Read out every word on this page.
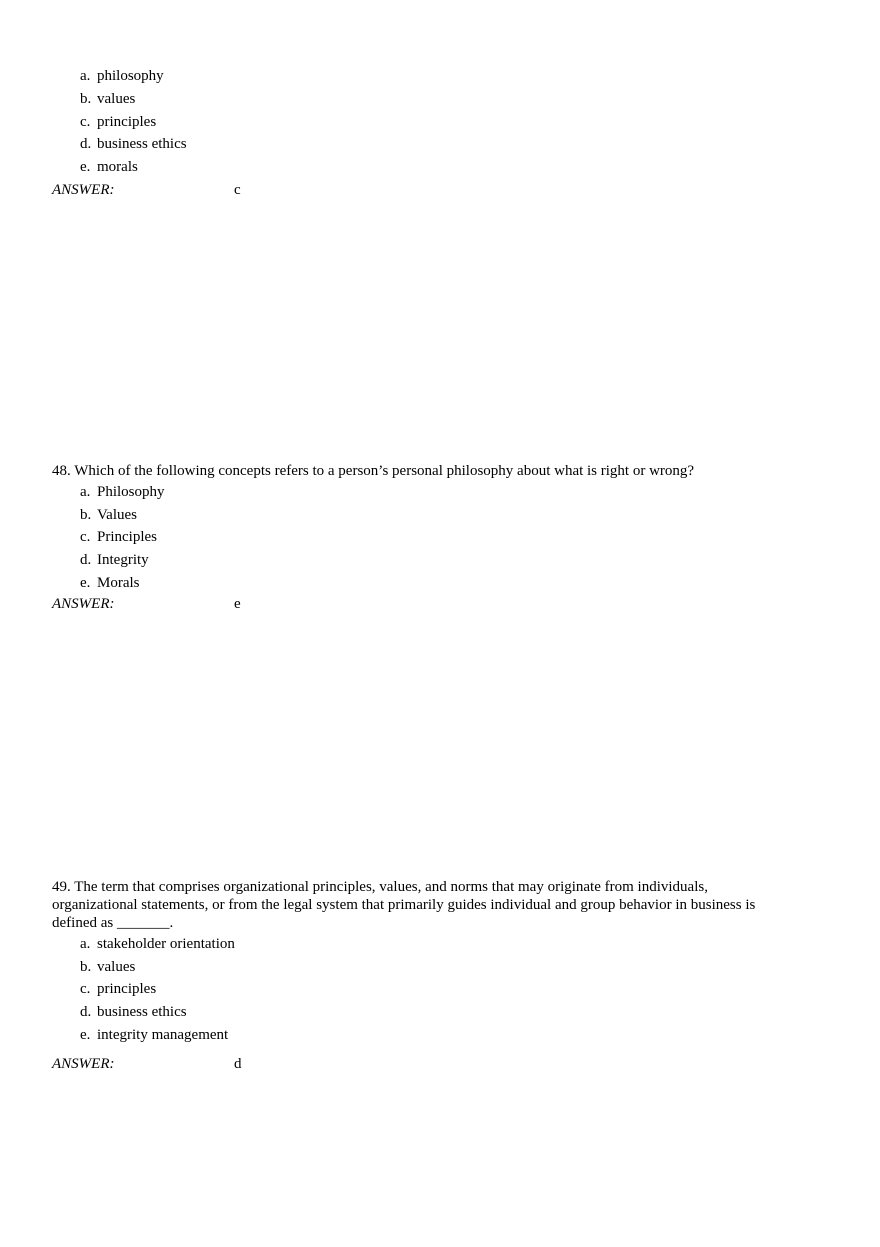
a. philosophy
b. values
c. principles
d. business ethics
e. morals
ANSWER:	c
48. Which of the following concepts refers to a person’s personal philosophy about what is right or wrong?
a. Philosophy
b. Values
c. Principles
d. Integrity
e. Morals
ANSWER:	e
49. The term that comprises organizational principles, values, and norms that may originate from individuals,
organizational statements, or from the legal system that primarily guides individual and group behavior in business is
defined as _______.
a. stakeholder orientation
b. values
c. principles
d. business ethics
e. integrity management
ANSWER:	d
